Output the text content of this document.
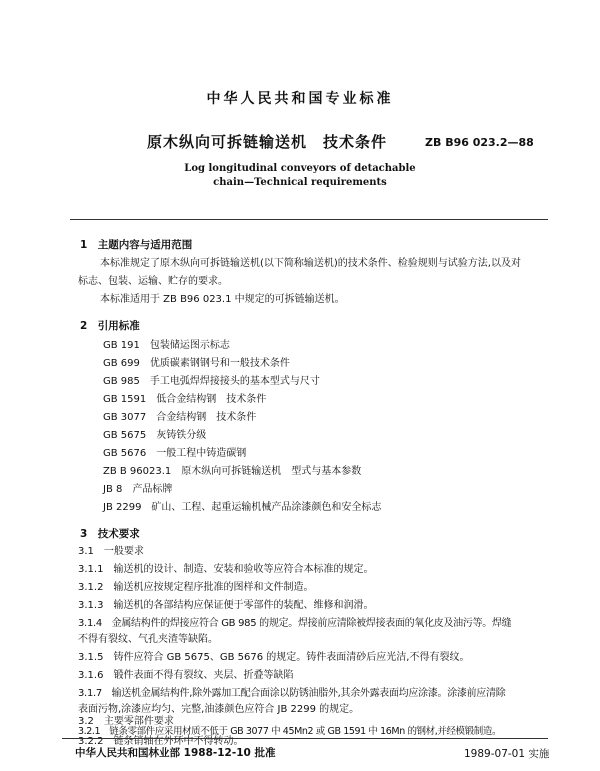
中华人民共和国专业标准
原木纵向可拆链输送机　技术条件	ZB B96 023.2—88
Log longitudinal conveyors of detachable
chain—Technical requirements
1　主题内容与适用范围
本标准规定了原木纵向可拆链输送机(以下简称输送机)的技术条件、检验规则与试验方法,以及对
标志、包装、运输、贮存的要求。
本标准适用于 ZB B96 023.1 中规定的可拆链输送机。
2　引用标准
GB 191　包装储运图示标志
GB 699　优质碳素钢钢号和一般技术条件
GB 985　手工电弧焊焊接接头的基本型式与尺寸
GB 1591　低合金结构钢　技术条件
GB 3077　合金结构钢　技术条件
GB 5675　灰铸铁分级
GB 5676　一般工程中铸造碳钢
ZB B 96023.1　原木纵向可拆链输送机　型式与基本参数
JB 8　产品标牌
JB 2299　矿山、工程、起重运输机械产品涂漆颜色和安全标志
3　技术要求
3.1　一般要求
3.1.1　输送机的设计、制造、安装和验收等应符合本标准的规定。
3.1.2　输送机应按规定程序批准的图样和文件制造。
3.1.3　输送机的各部结构应保证便于零部件的装配、维修和润滑。
3.1.4　金属结构件的焊接应符合 GB 985 的规定。焊接前应清除被焊接表面的氧化皮及油污等。焊缝
不得有裂纹、气孔夹渣等缺陷。
3.1.5　铸件应符合 GB 5675、GB 5676 的规定。铸件表面清砂后应光洁,不得有裂纹。
3.1.6　锻件表面不得有裂纹、夹层、折叠等缺陷
3.1.7　输送机金属结构件,除外露加工配合面涂以防锈油脂外,其余外露表面均应涂漆。涂漆前应清除
表面污物,涂漆应均匀、完整,油漆颜色应符合 JB 2299 的规定。
3.2　主要零部件要求
3.2.1　链条零部件应采用材质不低于 GB 3077 中 45Mn2 或 GB 1591 中 16Mn 的钢材,并经模锻制造。
3.2.2　链条销轴在外环中不得转动。
中华人民共和国林业部 1988-12-10 批准	1989-07-01 实施
